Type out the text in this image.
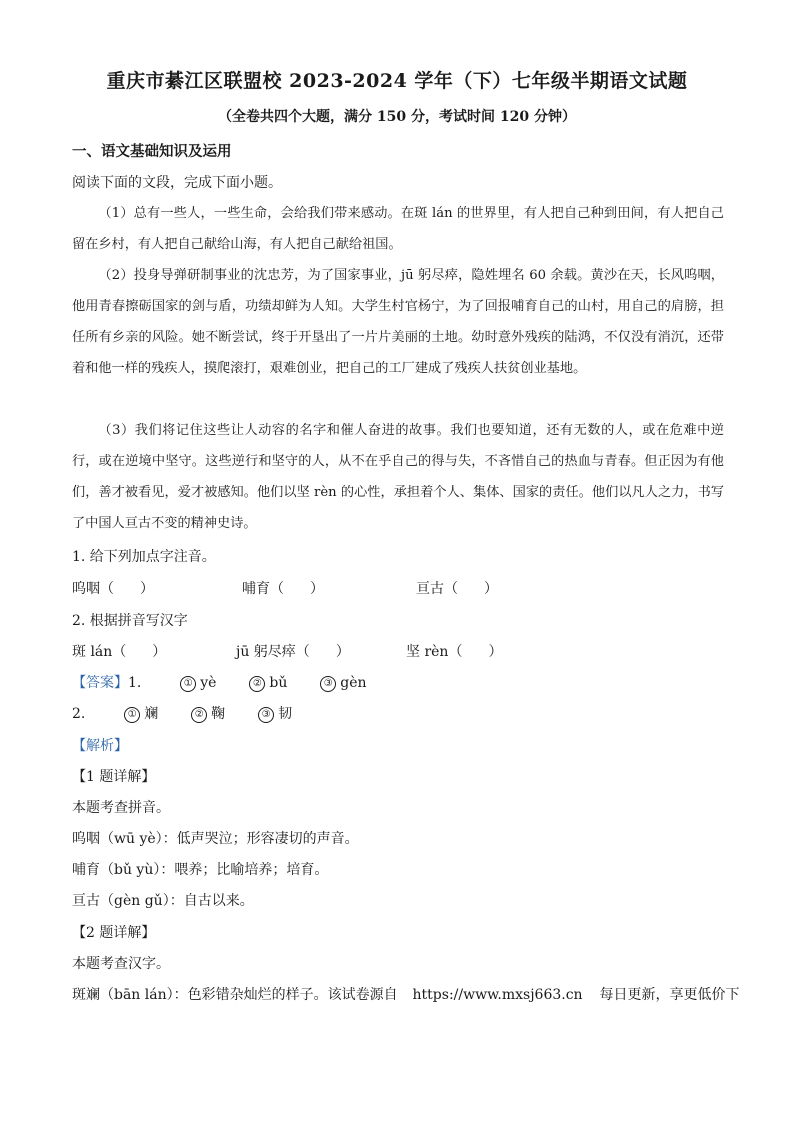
重庆市綦江区联盟校 2023-2024 学年（下）七年级半期语文试题
（全卷共四个大题，满分 150 分，考试时间 120 分钟）
一、语文基础知识及运用
阅读下面的文段，完成下面小题。

（1）总有一些人，一些生命，会给我们带来感动。在斑 lán 的世界里，有人把自己种到田间，有人把自己留在乡村，有人把自己献给山海，有人把自己献给祖国。

（2）投身导弹研制事业的沈忠芳，为了国家事业，jū 躬尽瘁，隐姓埋名 60 余载。黄沙在天，长风呜咽，他用青春擦砺国家的剑与盾，功绩却鲜为人知。大学生村官杨宁，为了回报哺育自己的山村，用自己的肩膀，担任所有乡亲的风险。她不断尝试，终于开垦出了一片片美丽的土地。幼时意外残疾的陆鸿，不仅没有消沉，还带着和他一样的残疾人，摸爬滚打，艰难创业，把自己的工厂建成了残疾人扶贫创业基地。

（3）我们将记住这些让人动容的名字和催人奋进的故事。我们也要知道，还有无数的人，或在危难中逆行，或在逆境中坚守。这些逆行和坚守的人，从不在乎自己的得与失，不吝惜自己的热血与青春。但正因为有他们，善才被看见，爱才被感知。他们以坚 rèn 的心性，承担着个人、集体、国家的责任。他们以凡人之力，书写了中国人亘古不变的精神史诗。

1. 给下列加点字注音。
呜咽（ ）	哺育（ ）	亘古（ ）
2. 根据拼音写汉字
斑 lán（ ）	jū 躬尽瘁（ ）	坚 rèn（ ）
【答案】1.	① yè	② bǔ	③ gèn
2.	① 斓	② 鞠	③ 韧
【解析】
【1 题详解】
本题考查拼音。
呜咽（wū yè）：低声哭泣；形容凄切的声音。
哺育（bǔ yù）：喂养；比喻培养；培育。
亘古（gèn gǔ）：自古以来。
【2 题详解】
本题考查汉字。
斑斓（bān lán）：色彩错杂灿烂的样子。该试卷源自 https://www.mxsj663.cn 每日更新，享更低价下
